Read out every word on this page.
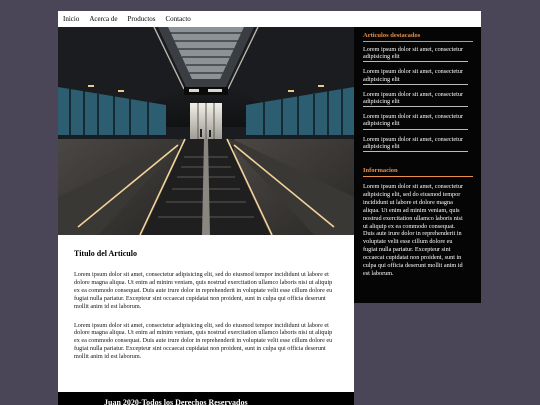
Inicio Acerca de Productos Contacto
Titulo del Articulo

Lorem ipsum dolor sit amet, consectetur adipisicing elit, sed do eiusmod tempor incididunt ut labore et dolore magna aliqua. Ut enim ad minim veniam, quis nostrud exercitation ullamco laboris nisi ut aliquip ex ea commodo consequat. Duis aute irure dolor in reprehenderit in voluptate velit esse cillum dolore eu fugiat nulla pariatur. Excepteur sint occaecat cupidatat non proident, sunt in culpa qui officia deserunt mollit anim id est laborum.

Lorem ipsum dolor sit amet, consectetur adipisicing elit, sed do eiusmod tempor incididunt ut labore et dolore magna aliqua. Ut enim ad minim veniam, quis nostrud exercitation ullamco laboris nisi ut aliquip ex ea commodo consequat. Duis aute irure dolor in reprehenderit in voluptate velit esse cillum dolore eu fugiat nulla pariatur. Excepteur sint occaecat cupidatat non proident, sunt in culpa qui officia deserunt mollit anim id est laborum.

Juan 2020-Todos los Derechos Reservados
Articulos destacados
Lorem ipsum dolor sit amet, consectetur adipisicing elit
Lorem ipsum dolor sit amet, consectetur adipisicing elit
Lorem ipsum dolor sit amet, consectetur adipisicing elit
Lorem ipsum dolor sit amet, consectetur adipisicing elit
Lorem ipsum dolor sit amet, consectetur adipisicing elit
Informacion

Lorem ipsum dolor sit amet, consectetur adipisicing elit, sed do eiusmod tempor incididunt ut labore et dolore magna aliqua. Ut enim ad minim veniam, quis nostrud exercitation ullamco laboris nisi ut aliquip ex ea commodo consequat. Duis aute irure dolor in reprehenderit in voluptate velit esse cillum dolore eu fugiat nulla pariatur. Excepteur sint occaecat cupidatat non proident, sunt in culpa qui officia deserunt mollit anim id est laborum.
